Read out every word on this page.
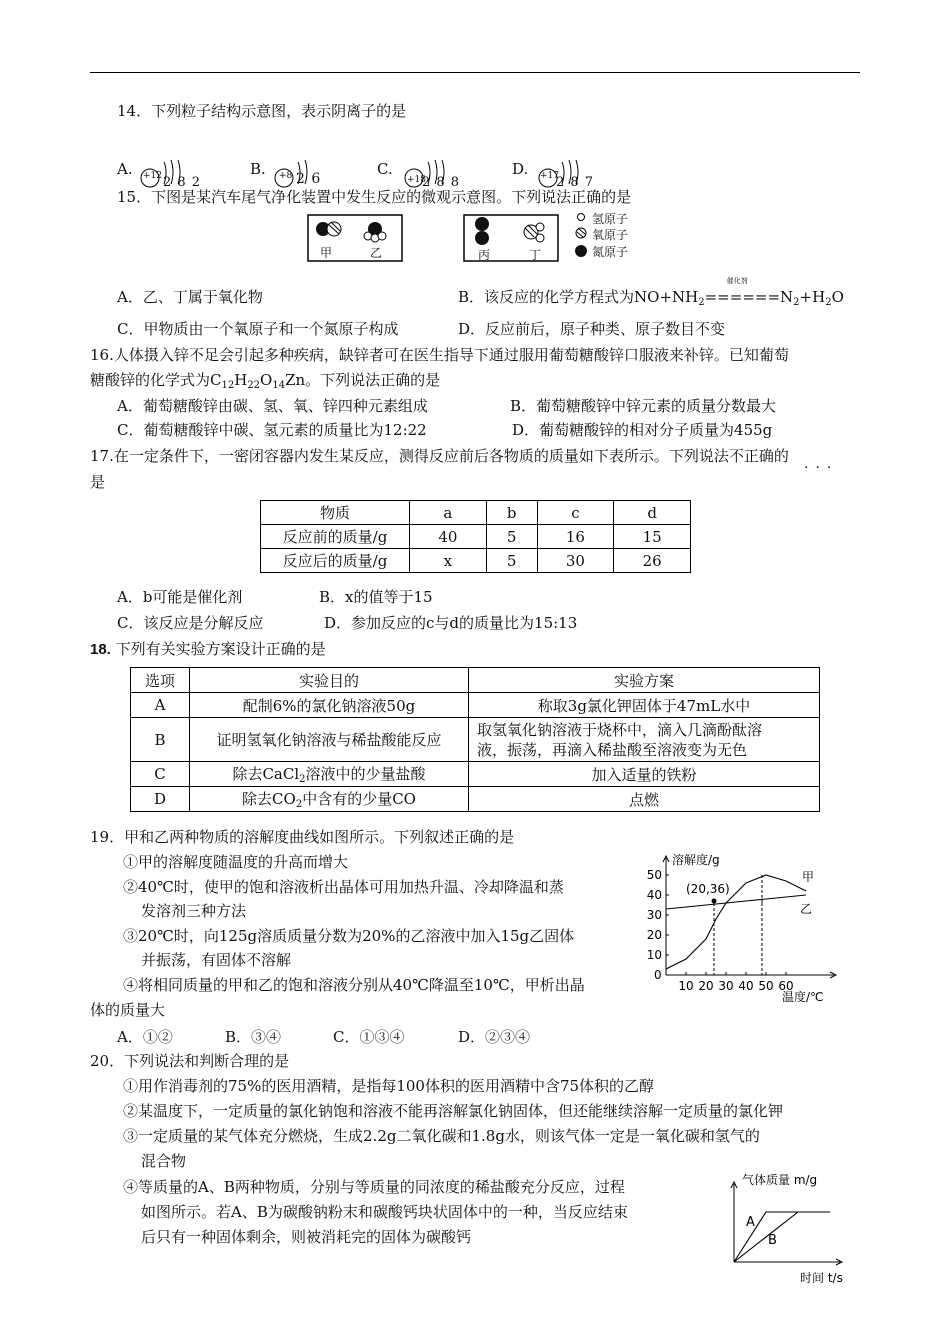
14．下列粒子结构示意图，表示阴离子的是
A.	B.	C.	D.
+12 2 8 2	+8 2 6	+18
2 8 8	+17
2 8 7
15．下图是某汽车尾气净化装置中发生反应的微观示意图。下列说法正确的是
甲	乙	丙	丁
氢原子
氧原子
氮原子
A．乙、丁属于氧化物	B．该反应的化学方程式为$NO+NH_2$
催化剂
$======N_2+H_2O$
C．甲物质由一个氧原子和一个氮原子构成	D．反应前后，原子种类、原子数目不变
16.人体摄入锌不足会引起多种疾病，缺锌者可在医生指导下通过服用葡萄糖酸锌口服液来补锌。已知葡萄
糖酸锌的化学式为$C_{12}H_{22}O_{14}Zn$。下列说法正确的是
A．葡萄糖酸锌由碳、氢、氧、锌四种元素组成	B．葡萄糖酸锌中锌元素的质量分数最大
C．葡萄糖酸锌中碳、氢元素的质量比为12:22	D．葡萄糖酸锌的相对分子质量为455g
17.在一定条件下，一密闭容器内发生某反应，测得反应前后各物质的质量如下表所示。下列说法不正确的
···
是
物质	a	b	c	d
反应前的质量/g	40	5	16	15
反应后的质量/g	x	5	30	26
A．b可能是催化剂	B．x的值等于15
C．该反应是分解反应	D．参加反应的c与d的质量比为15:13
18. 下列有关实验方案设计正确的是
选项	实验目的	实验方案
A	配制6%的氯化钠溶液50g	称取3g氯化钾固体于47mL水中
B	证明氢氧化钠溶液与稀盐酸能反应	取氢氧化钠溶液于烧杯中，滴入几滴酚酞溶
液，振荡，再滴入稀盐酸至溶液变为无色

C	除去CaCl$_2$溶液中的少量盐酸	加入适量的铁粉
D	除去$CO_2$中含有的少量CO	点燃
19．甲和乙两种物质的溶解度曲线如图所示。下列叙述正确的是
①甲的溶解度随温度的升高而增大
②40℃时，使甲的饱和溶液析出晶体可用加热升温、冷却降温和蒸
发溶剂三种方法
③20℃时，向125g溶质质量分数为20%的乙溶液中加入15g乙固体
并振荡，有固体不溶解
④将相同质量的甲和乙的饱和溶液分别从40℃降温至10℃，甲析出晶
体的质量大
A．①②	B．③④	C．①③④	D．②③④
溶解度/g
温度/℃
10
20
30
40
50
0
10 20 30 40 50 60
甲
乙
(20,36)
20．下列说法和判断合理的是
①用作消毒剂的75%的医用酒精，是指每100体积的医用酒精中含75体积的乙醇
②某温度下，一定质量的氯化钠饱和溶液不能再溶解氯化钠固体，但还能继续溶解一定质量的氯化钾
③一定质量的某气体充分燃烧，生成2.2g二氧化碳和1.8g水，则该气体一定是一氧化碳和氢气的
混合物
④等质量的A、B两种物质，分别与等质量的同浓度的稀盐酸充分反应，过程
如图所示。若A、B为碳酸钠粉末和碳酸钙块状固体中的一种，当反应结束
后只有一种固体剩余，则被消耗完的固体为碳酸钙
气体质量 m/g
时间 t/s
A
B
